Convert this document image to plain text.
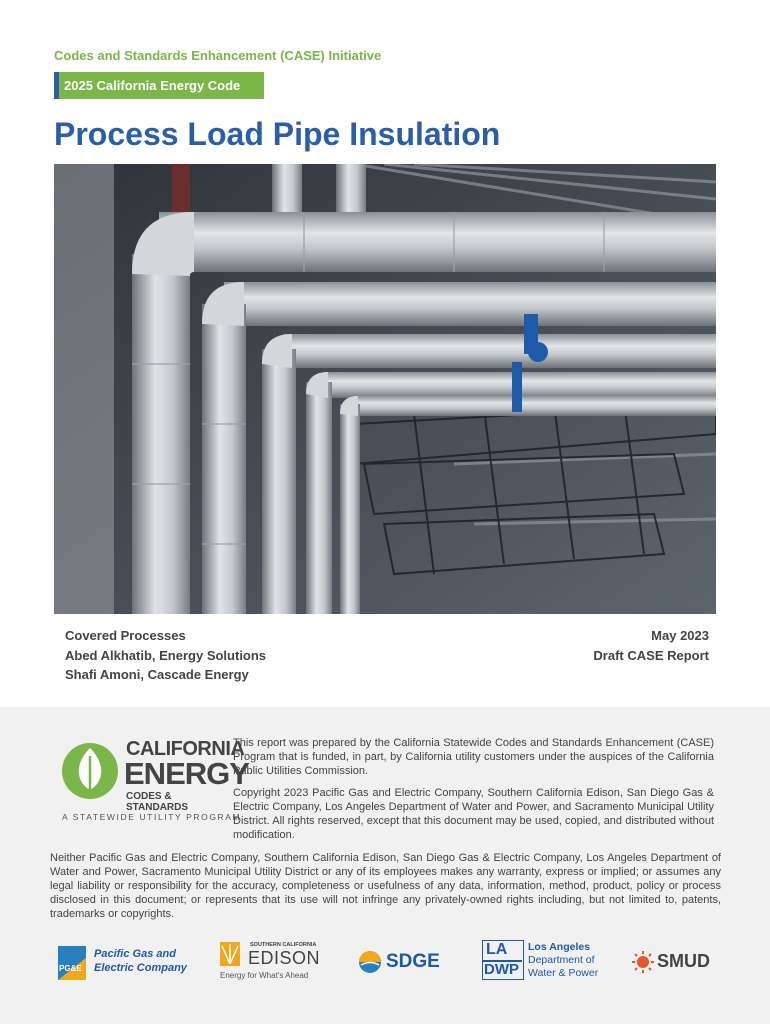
Codes and Standards Enhancement (CASE) Initiative
2025 California Energy Code
Process Load Pipe Insulation
Covered Processes
Abed Alkhatib, Energy Solutions
Shafi Amoni, Cascade Energy
May 2023
Draft CASE Report
CALIFORNIA
ENERGY
CODES & STANDARDS
A STATEWIDE UTILITY PROGRAM

This report was prepared by the California Statewide Codes and Standards Enhancement (CASE) Program that is funded, in part, by California utility customers under the auspices of the California Public Utilities Commission.

Copyright 2023 Pacific Gas and Electric Company, Southern California Edison, San Diego Gas & Electric Company, Los Angeles Department of Water and Power, and Sacramento Municipal Utility District. All rights reserved, except that this document may be used, copied, and distributed without modification.

Neither Pacific Gas and Electric Company, Southern California Edison, San Diego Gas & Electric Company, Los Angeles Department of Water and Power, Sacramento Municipal Utility District or any of its employees makes any warranty, express or implied; or assumes any legal liability or responsibility for the accuracy, completeness or usefulness of any data, information, method, product, policy or process disclosed in this document; or represents that its use will not infringe any privately-owned rights including, but not limited to, patents, trademarks or copyrights.

PG&E
Pacific Gas and
Electric Company
SOUTHERN CALIFORNIA
EDISON
Energy for What's Ahead
SDGE
LA
DWP
Los Angeles
Department of
Water & Power
SMUD
